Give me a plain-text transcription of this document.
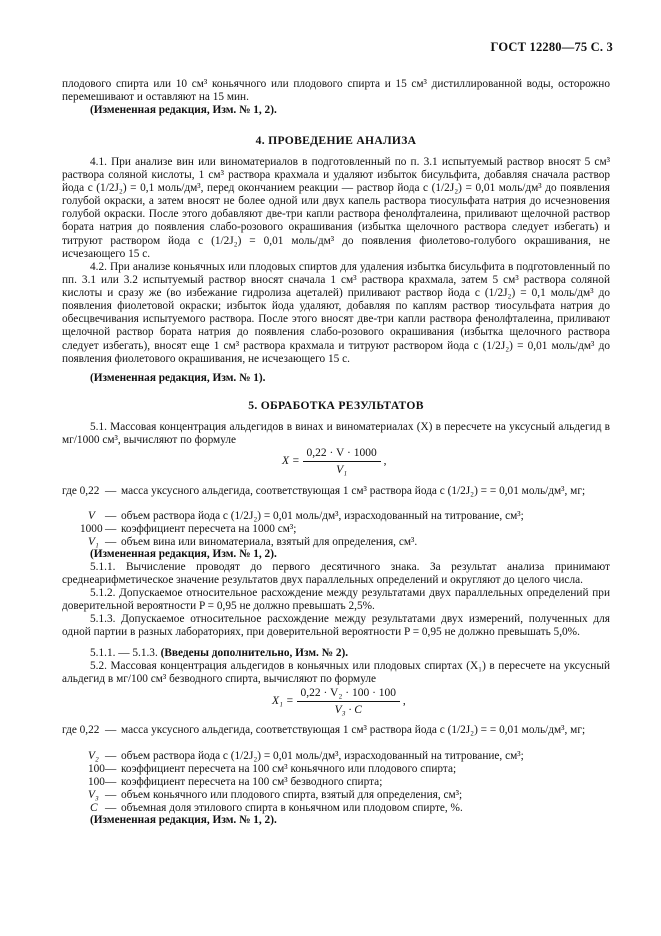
ГОСТ 12280—75 С. 3
плодового спирта или 10 см³ коньячного или плодового спирта и 15 см³ дистиллированной воды, осторожно перемешивают и оставляют на 15 мин.
(Измененная редакция, Изм. № 1, 2).
4. ПРОВЕДЕНИЕ АНАЛИЗА
4.1. При анализе вин или виноматериалов в подготовленный по п. 3.1 испытуемый раствор вносят 5 см³ раствора соляной кислоты, 1 см³ раствора крахмала и удаляют избыток бисульфита, добавляя сначала раствор йода c (1/2J₂) = 0,1 моль/дм³, перед окончанием реакции — раствор йода c (1/2J₂) = 0,01 моль/дм³ до появления голубой окраски, а затем вносят не более одной или двух капель раствора тиосульфата натрия до исчезновения голубой окраски. После этого добавляют две-три капли раствора фенолфталеина, приливают щелочной раствор бората натрия до появления слабо-розового окрашивания (избытка щелочного раствора следует избегать) и титруют раствором йода c (1/2J₂) = 0,01 моль/дм³ до появления фиолетово-голубого окрашивания, не исчезающего 15 с.
4.2. При анализе коньячных или плодовых спиртов для удаления избытка бисульфита в подготовленный по пп. 3.1 или 3.2 испытуемый раствор вносят сначала 1 см³ раствора крахмала, затем 5 см³ раствора соляной кислоты и сразу же (во избежание гидролиза ацеталей) приливают раствор йода c (1/2J₂) = 0,1 моль/дм³ до появления фиолетовой окраски; избыток йода удаляют, добавляя по каплям раствор тиосульфата натрия до обесцвечивания испытуемого раствора. После этого вносят две-три капли раствора фенолфталеина, приливают щелочной раствор бората натрия до появления слабо-розового окрашивания (избытка щелочного раствора следует избегать), вносят еще 1 см³ раствора крахмала и титруют раствором йода c (1/2J₂) = 0,01 моль/дм³ до появления фиолетового окрашивания, не исчезающего 15 с.
(Измененная редакция, Изм. № 1).
5. ОБРАБОТКА РЕЗУЛЬТАТОВ
5.1. Массовая концентрация альдегидов в винах и виноматериалах (X) в пересчете на уксусный альдегид в мг/1000 см³, вычисляют по формуле
$X = \frac{0,22 \cdot V \cdot 1000}{\text{V₁}}$ ,
где 0,22 — масса уксусного альдегида, соответствующая 1 см³ раствора йода c (1/2J₂) = = 0,01 моль/дм³, мг;
V — объем раствора йода c (1/2J₂) = 0,01 моль/дм³, израсходованный на титрование, см³;
1000 — коэффициент пересчета на 1000 см³;
V₁ — объем вина или виноматериала, взятый для определения, см³.
(Измененная редакция, Изм. № 1, 2).
5.1.1. Вычисление проводят до первого десятичного знака. За результат анализа принимают среднеарифметическое значение результатов двух параллельных определений и округляют до целого числа.
5.1.2. Допускаемое относительное расхождение между результатами двух параллельных определений при доверительной вероятности P = 0,95 не должно превышать 2,5%.
5.1.3. Допускаемое относительное расхождение между результатами двух измерений, полученных для одной партии в разных лабораториях, при доверительной вероятности P = 0,95 не должно превышать 5,0%.
5.1.1. — 5.1.3. (Введены дополнительно, Изм. № 2).
5.2. Массовая концентрация альдегидов в коньячных или плодовых спиртах (X₁) в пересчете на уксусный альдегид в мг/100 см³ безводного спирта, вычисляют по формуле
$X_1 = \frac{\text{0,22 · V₂ · 100 · 100}}{\text{V₃ · C}}$ ,
где 0,22 — масса уксусного альдегида, соответствующая 1 см³ раствора йода c (1/2J₂) = = 0,01 моль/дм³, мг;
V₂ — объем раствора йода c (1/2J₂) = 0,01 моль/дм³, израсходованный на титрование, см³;
100 — коэффициент пересчета на 100 см³ коньячного или плодового спирта;
100 — коэффициент пересчета на 100 см³ безводного спирта;
V₃ — объем коньячного или плодового спирта, взятый для определения, см³;
C — объемная доля этилового спирта в коньячном или плодовом спирте, %.
(Измененная редакция, Изм. № 1, 2).
